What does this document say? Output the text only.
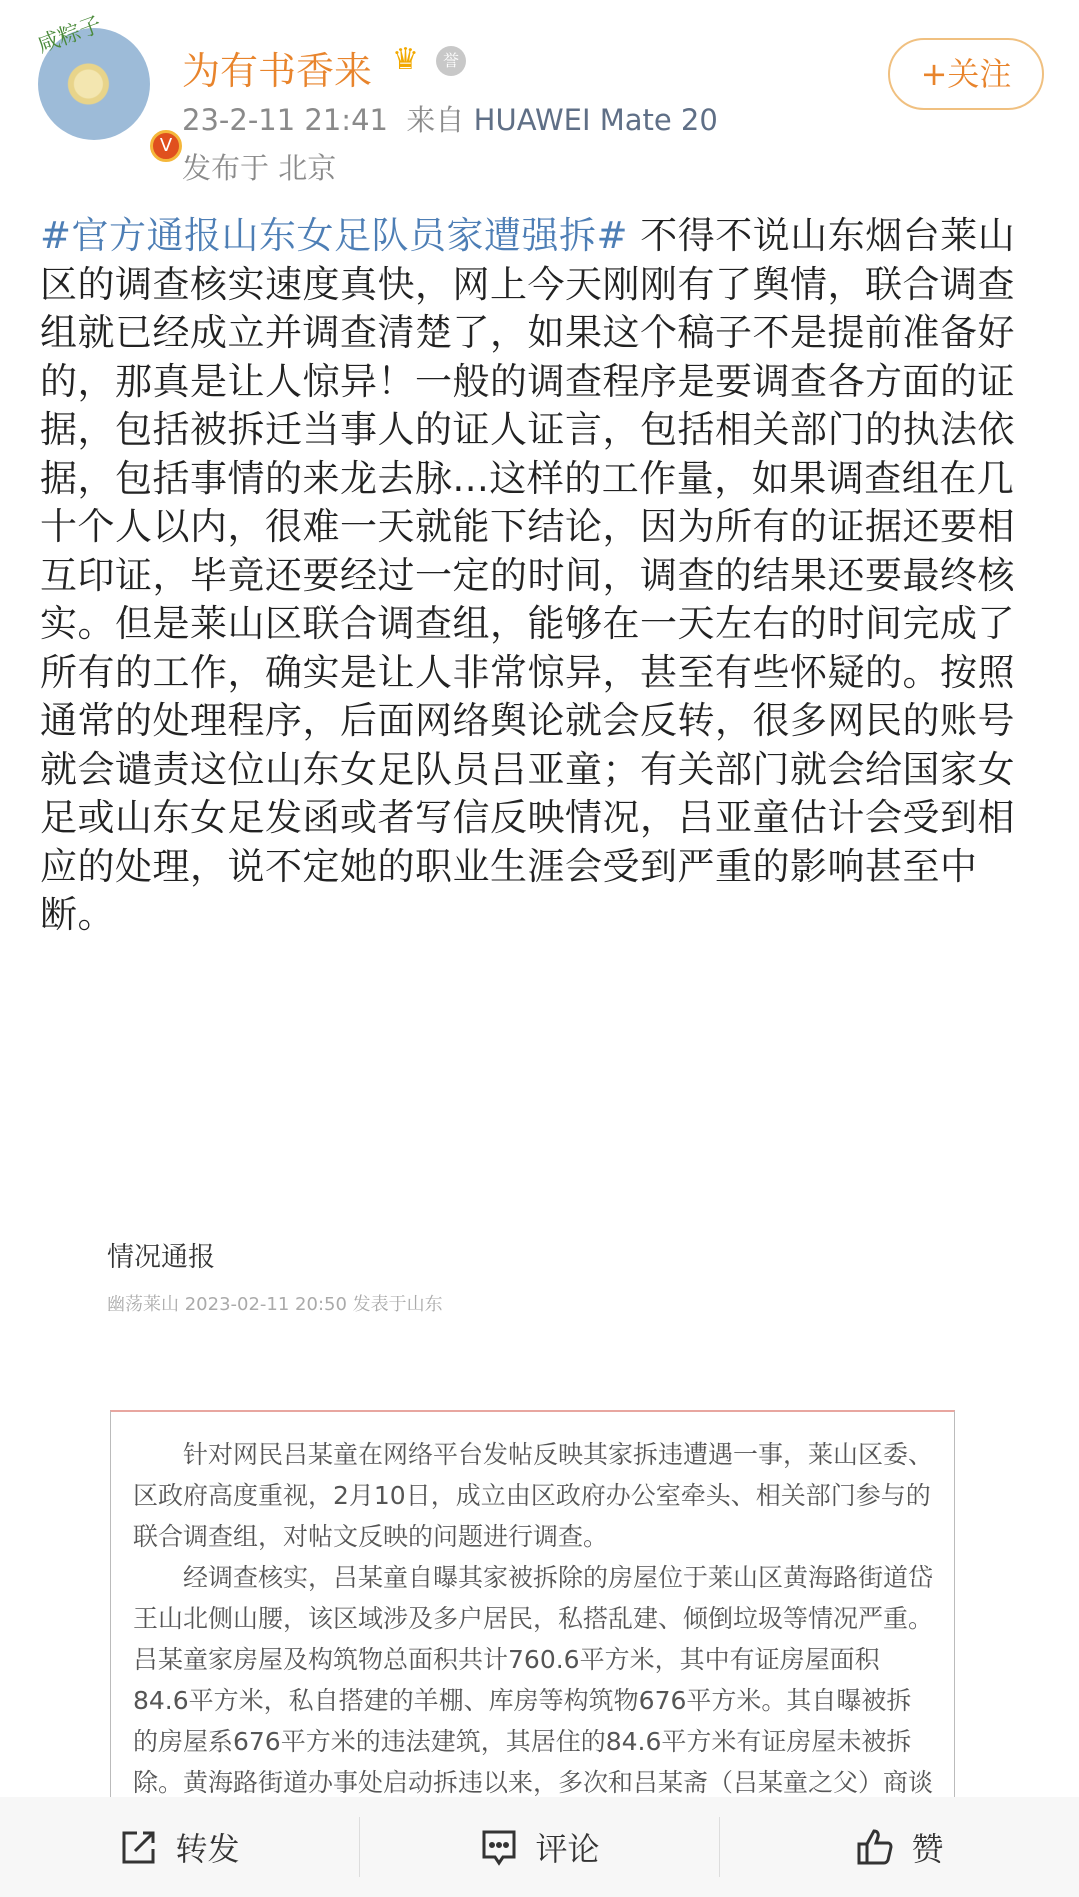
咸粽子
V
为有书香来 ♛	誉
23-2-11 21:41 来自 HUAWEI Mate 20
发布于 北京
+关注
#官方通报山东女足队员家遭强拆# 不得不说山东烟台莱山区的调查核实速度真快，网上今天刚刚有了舆情，联合调查组就已经成立并调查清楚了，如果这个稿子不是提前准备好的，那真是让人惊异！一般的调查程序是要调查各方面的证据，包括被拆迁当事人的证人证言，包括相关部门的执法依据，包括事情的来龙去脉...这样的工作量，如果调查组在几十个人以内，很难一天就能下结论，因为所有的证据还要相互印证，毕竟还要经过一定的时间，调查的结果还要最终核实。但是莱山区联合调查组，能够在一天左右的时间完成了所有的工作，确实是让人非常惊异，甚至有些怀疑的。按照通常的处理程序，后面网络舆论就会反转，很多网民的账号就会谴责这位山东女足队员吕亚童；有关部门就会给国家女足或山东女足发函或者写信反映情况，吕亚童估计会受到相应的处理，说不定她的职业生涯会受到严重的影响甚至中断。
情况通报
幽荡莱山 2023-02-11 20:50 发表于山东

针对网民吕某童在网络平台发帖反映其家拆违遭遇一事，莱山区委、区政府高度重视，2月10日，成立由区政府办公室牵头、相关部门参与的联合调查组，对帖文反映的问题进行调查。

经调查核实，吕某童自曝其家被拆除的房屋位于莱山区黄海路街道岱王山北侧山腰，该区域涉及多户居民，私搭乱建、倾倒垃圾等情况严重。吕某童家房屋及构筑物总面积共计760.6平方米，其中有证房屋面积84.6平方米，私自搭建的羊棚、库房等构筑物676平方米。其自曝被拆的房屋系676平方米的违法建筑，其居住的84.6平方米有证房屋未被拆除。黄海路街道办事处启动拆违以来，多次和吕某斋（吕某童之父）商谈

转发	评论	赞
